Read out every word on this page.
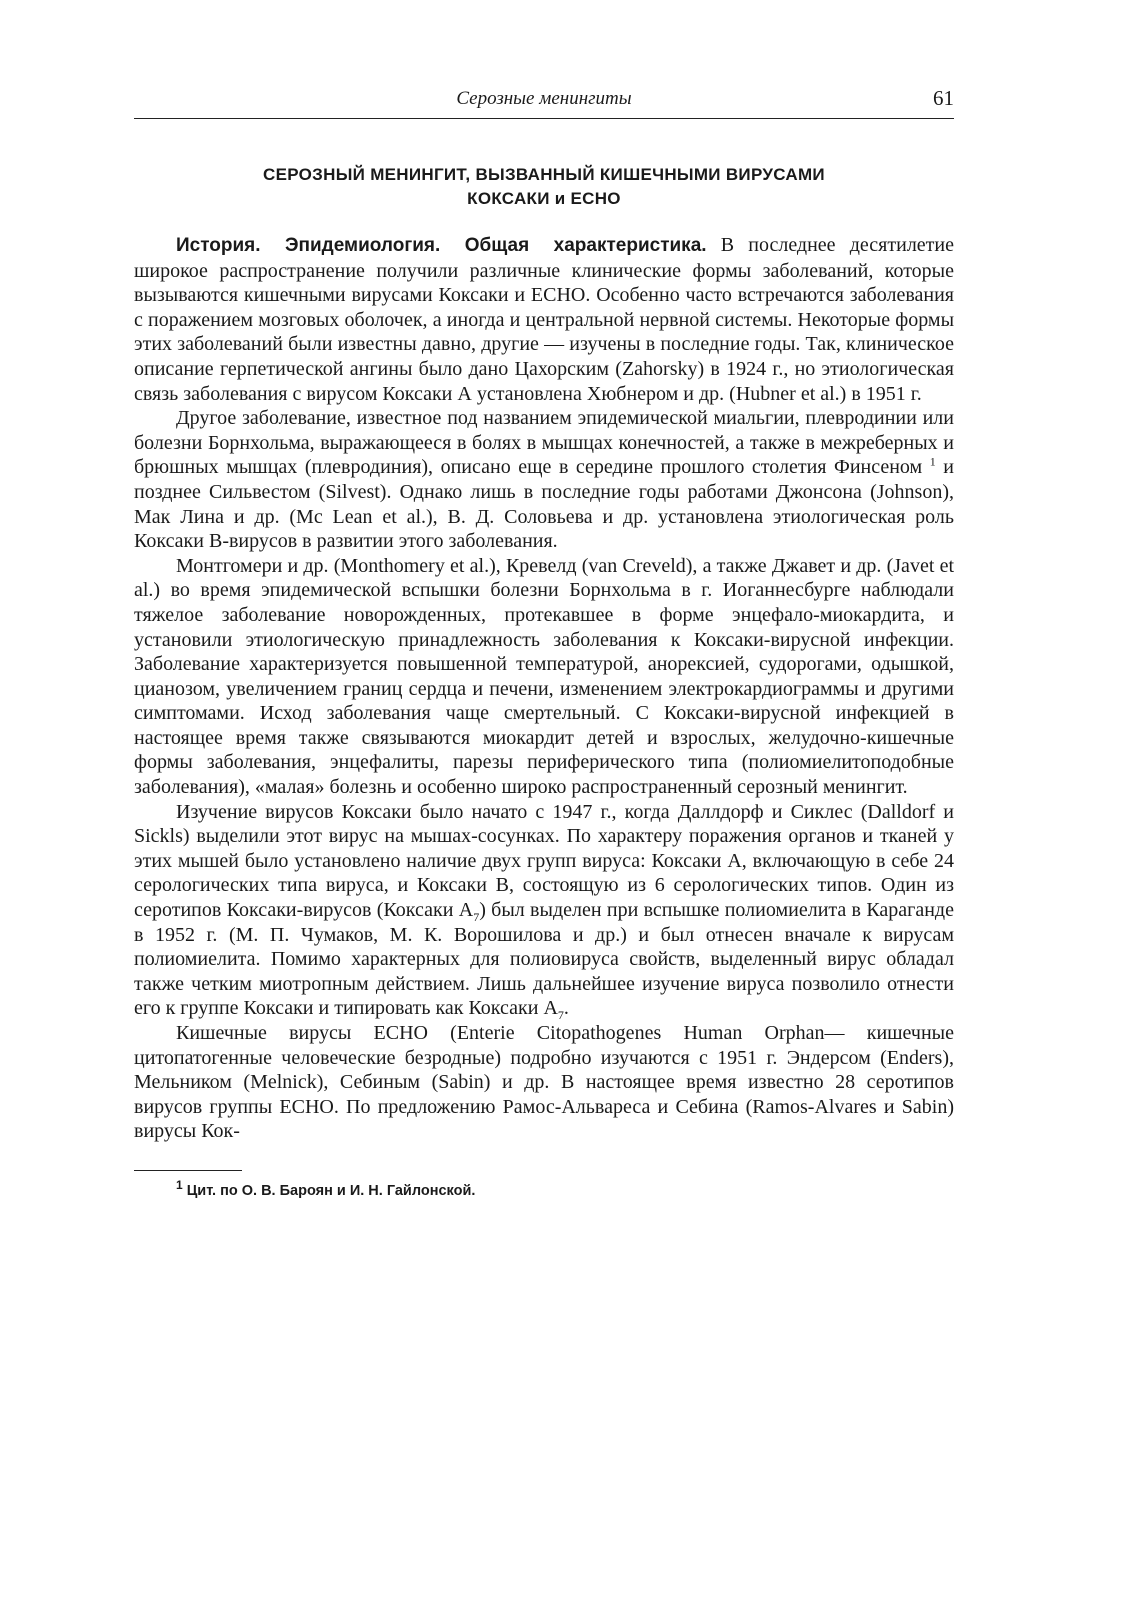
Серозные менингиты	61
СЕРОЗНЫЙ МЕНИНГИТ, ВЫЗВАННЫЙ КИШЕЧНЫМИ ВИРУСАМИ
КОКСАКИ и ECHO

История. Эпидемиология. Общая характеристика. В последнее десятилетие широкое распространение получили различные клинические формы заболеваний, которые вызываются кишечными вирусами Коксаки и ECHO. Особенно часто встречаются заболевания с поражением мозговых оболочек, а иногда и центральной нервной системы. Некоторые формы этих заболеваний были известны давно, другие — изучены в последние годы. Так, клиническое описание герпетической ангины было дано Цахорским (Zahorsky) в 1924 г., но этиологическая связь заболевания с вирусом Коксаки А установлена Хюбнером и др. (Hubner et al.) в 1951 г.

Другое заболевание, известное под названием эпидемической миальгии, плевродинии или болезни Борнхольма, выражающееся в болях в мышцах конечностей, а также в межреберных и брюшных мышцах (плевродиния), описано еще в середине прошлого столетия Финсеном $^1$ и позднее Сильвестом (Silvest). Однако лишь в последние годы работами Джонсона (Johnson), Мак Лина и др. (Mc Lean et al.), В. Д. Соловьева и др. установлена этиологическая роль Коксаки В-вирусов в развитии этого заболевания.

Монтгомери и др. (Monthomery et al.), Кревелд (van Creveld), а также Джавет и др. (Javet et al.) во время эпидемической вспышки болезни Борнхольма в г. Иоганнесбурге наблюдали тяжелое заболевание новорожденных, протекавшее в форме энцефало-миокардита, и установили этиологическую принадлежность заболевания к Коксаки-вирусной инфекции. Заболевание характеризуется повышенной температурой, анорексией, судорогами, одышкой, цианозом, увеличением границ сердца и печени, изменением электрокардиограммы и другими симптомами. Исход заболевания чаще смертельный. С Коксаки-вирусной инфекцией в настоящее время также связываются миокардит детей и взрослых, желудочно-кишечные формы заболевания, энцефалиты, парезы периферического типа (полиомиелитоподобные заболевания), «малая» болезнь и особенно широко распространенный серозный менингит.

Изучение вирусов Коксаки было начато с 1947 г., когда Даллдорф и Сиклес (Dalldorf и Sickls) выделили этот вирус на мышах-сосунках. По характеру поражения органов и тканей у этих мышей было установлено наличие двух групп вируса: Коксаки А, включающую в себе 24 серологических типа вируса, и Коксаки В, состоящую из 6 серологических типов. Один из серотипов Коксаки-вирусов (Коксаки $А_7$) был выделен при вспышке полиомиелита в Караганде в 1952 г. (М. П. Чумаков, М. К. Ворошилова и др.) и был отнесен вначале к вирусам полиомиелита. Помимо характерных для полиовируса свойств, выделенный вирус обладал также четким миотропным действием. Лишь дальнейшее изучение вируса позволило отнести его к группе Коксаки и типировать как Коксаки $А_7$.

Кишечные вирусы ECHO (Enterie Citopathogenes Human Orphan— кишечные цитопатогенные человеческие безродные) подробно изучаются с 1951 г. Эндерсом (Enders), Мельником (Melnick), Себиным (Sabin) и др. В настоящее время известно 28 серотипов вирусов группы ECHO. По предложению Рамос-Альвареса и Себина (Ramos-Alvares и Sabin) вирусы Кок-

$^1$ Цит. по О. В. Бароян и И. Н. Гайлонской.
